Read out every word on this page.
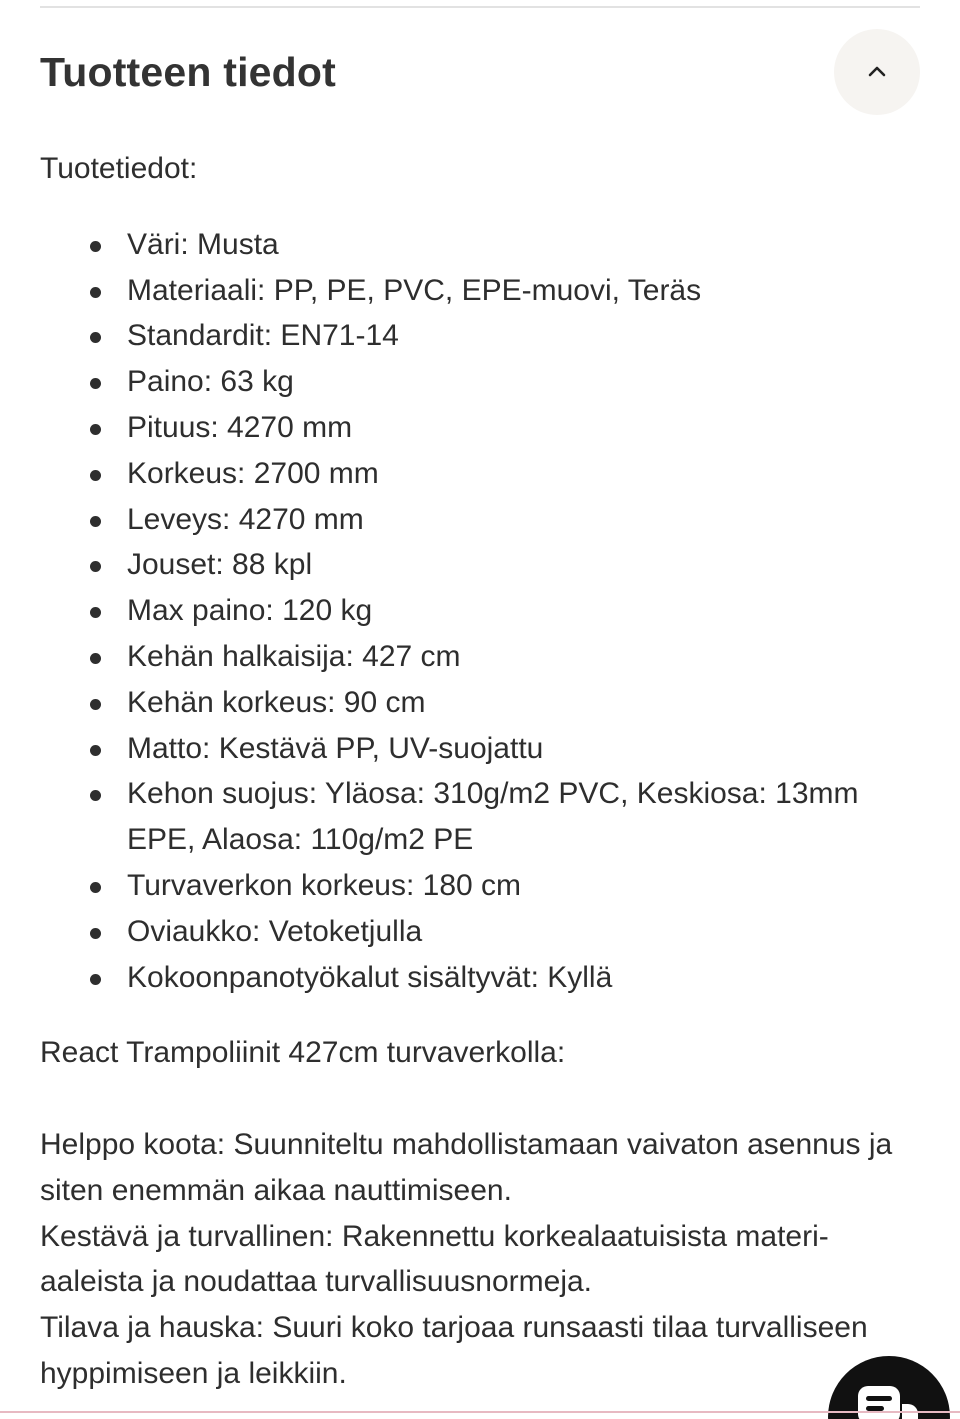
Tuotteen tiedot

Tuotetiedot:

Väri: Musta
Materiaali: PP, PE, PVC, EPE-muovi, Teräs
Standardit: EN71-14
Paino: 63 kg
Pituus: 4270 mm
Korkeus: 2700 mm
Leveys: 4270 mm
Jouset: 88 kpl
Max paino: 120 kg
Kehän halkaisija: 427 cm
Kehän korkeus: 90 cm
Matto: Kestävä PP, UV-suojattu
Kehon suojus: Yläosa: 310g/m2 PVC, Keskiosa: 13mm EPE, Alaosa: 110g/m2 PE
Turvaverkon korkeus: 180 cm
Oviaukko: Vetoketjulla
Kokoonpanotyökalut sisältyvät: Kyllä

React Trampoliinit 427cm turvaverkolla:

Helppo koota: Suunniteltu mahdollistamaan vaivaton asennus ja siten enemmän aikaa nauttimiseen.

Kestävä ja turvallinen: Rakennettu korkealaatuisista materiaaleista ja noudattaa turvallisuusnormeja.

Tilava ja hauska: Suuri koko tarjoaa runsaasti tilaa turvalliseen hyppimiseen ja leikkiin.
